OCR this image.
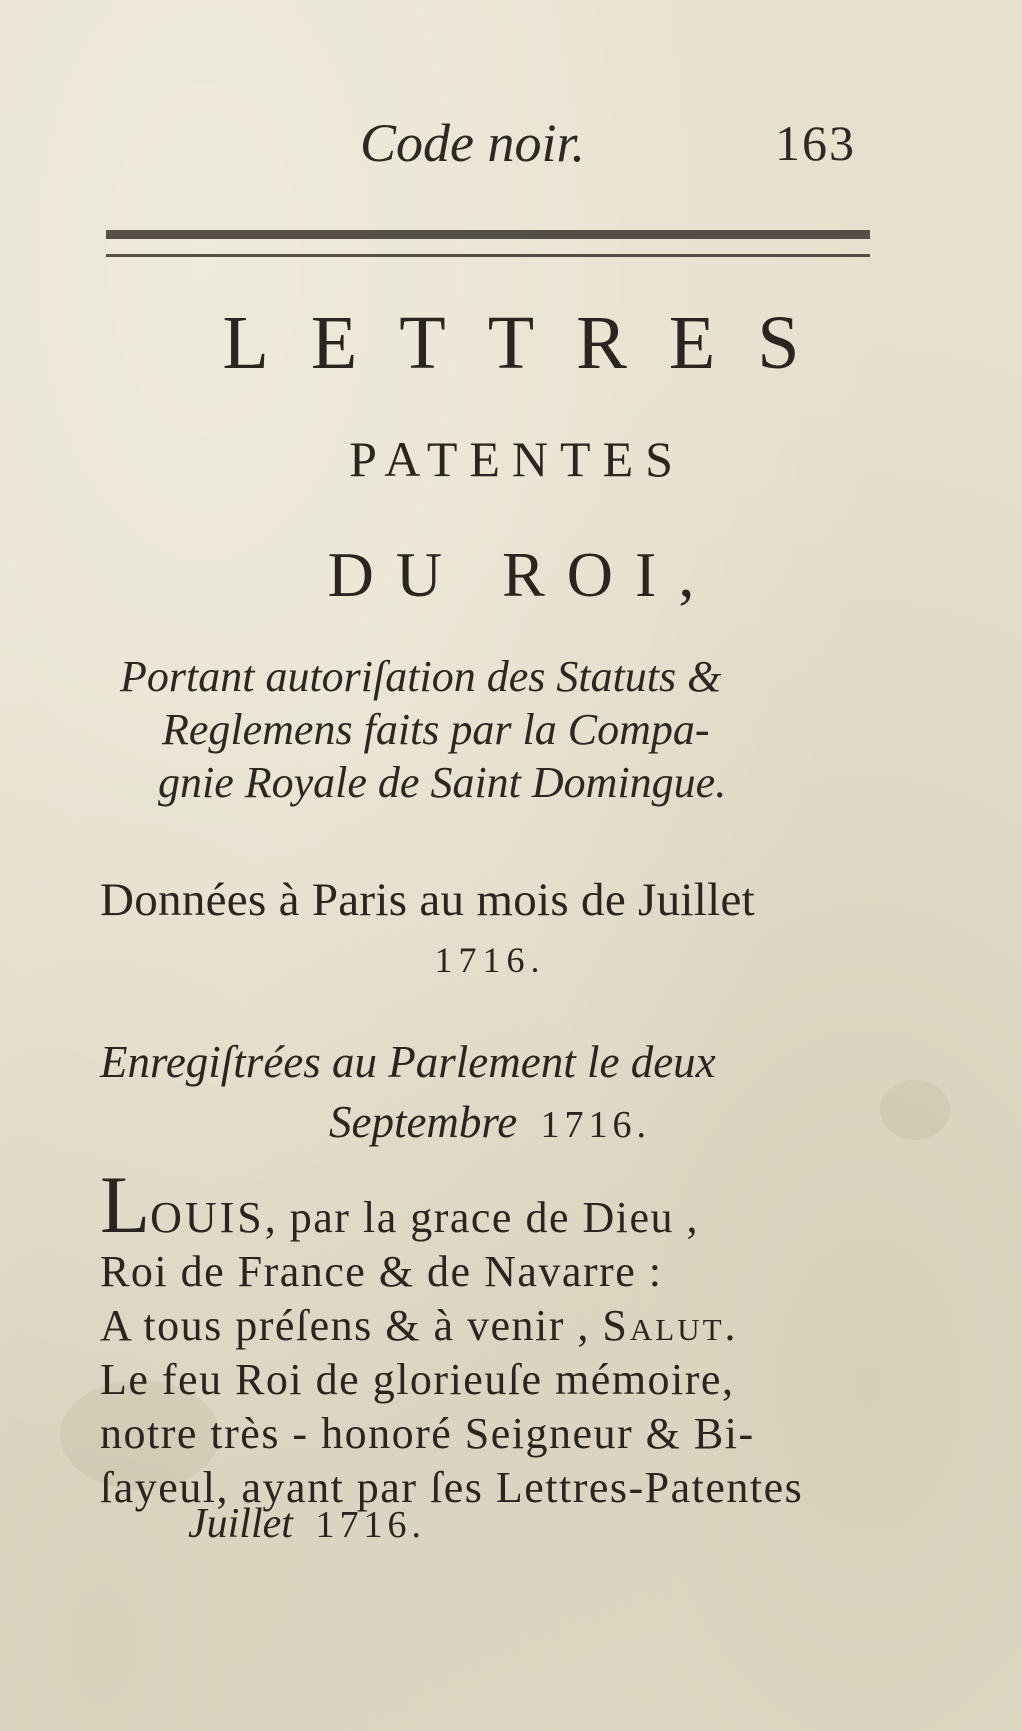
Code noir.	163
LETTRES
PATENTES
DU ROI,
Portant autoriſation des Statuts &
Reglemens faits par la Compa-
gnie Royale de Saint Domingue.
Données à Paris au mois de Juillet
1716.
Enregiſtrées au Parlement le deux
Septembre 1716.
LOUIS, par la grace de Dieu ,
Roi de France & de Navarre :
A tous préſens & à venir , Salut.
Le feu Roi de glorieuſe mémoire,
notre très - honoré Seigneur & Bi-
ſayeul, ayant par ſes Lettres-Patentes
Juillet 1716.
